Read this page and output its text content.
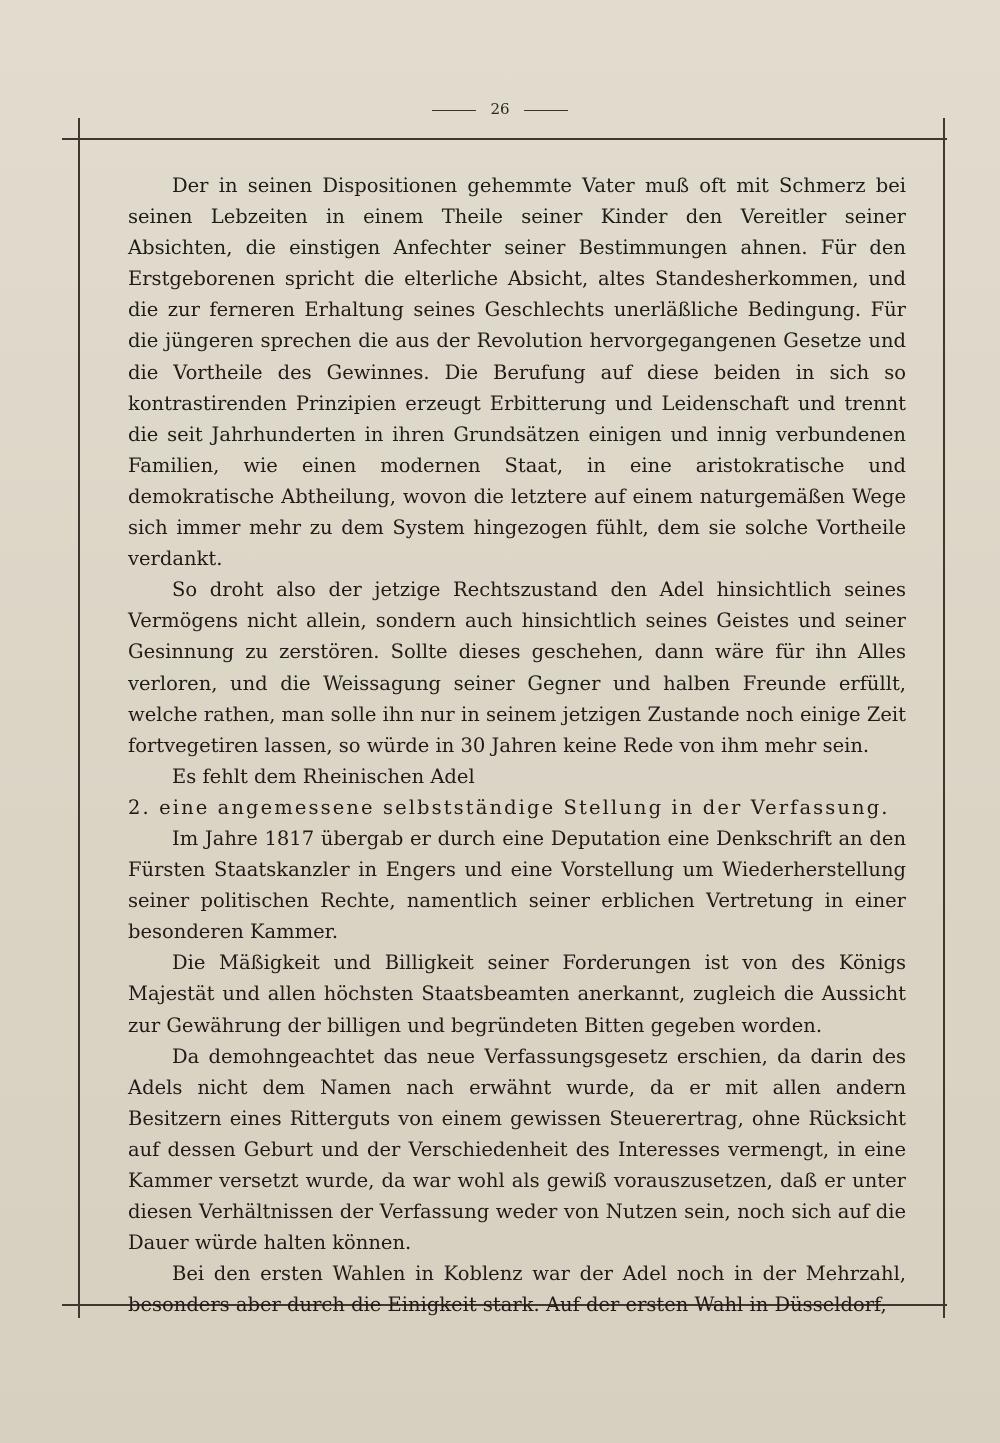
26

Der in seinen Dispositionen gehemmte Vater muß oft mit Schmerz bei seinen Lebzeiten in einem Theile seiner Kinder den Vereitler seiner Absichten, die einstigen Anfechter seiner Bestimmungen ahnen. Für den Erstgeborenen spricht die elterliche Absicht, altes Standesherkommen, und die zur ferneren Erhaltung seines Geschlechts unerläßliche Bedingung. Für die jüngeren sprechen die aus der Revolution hervorgegangenen Gesetze und die Vortheile des Gewinnes. Die Berufung auf diese beiden in sich so kontrastirenden Prinzipien erzeugt Erbitterung und Leidenschaft und trennt die seit Jahrhunderten in ihren Grundsätzen einigen und innig verbundenen Familien, wie einen modernen Staat, in eine aristokratische und demokratische Abtheilung, wovon die letztere auf einem naturgemäßen Wege sich immer mehr zu dem System hingezogen fühlt, dem sie solche Vortheile verdankt.

So droht also der jetzige Rechtszustand den Adel hinsichtlich seines Vermögens nicht allein, sondern auch hinsichtlich seines Geistes und seiner Gesinnung zu zerstören. Sollte dieses geschehen, dann wäre für ihn Alles verloren, und die Weissagung seiner Gegner und halben Freunde erfüllt, welche rathen, man solle ihn nur in seinem jetzigen Zustande noch einige Zeit fortvegetiren lassen, so würde in 30 Jahren keine Rede von ihm mehr sein.

Es fehlt dem Rheinischen Adel

2. eine angemessene selbstständige Stellung in der Verfassung.

Im Jahre 1817 übergab er durch eine Deputation eine Denkschrift an den Fürsten Staatskanzler in Engers und eine Vorstellung um Wiederherstellung seiner politischen Rechte, namentlich seiner erblichen Vertretung in einer besonderen Kammer.

Die Mäßigkeit und Billigkeit seiner Forderungen ist von des Königs Majestät und allen höchsten Staatsbeamten anerkannt, zugleich die Aussicht zur Gewährung der billigen und begründeten Bitten gegeben worden.

Da demohngeachtet das neue Verfassungsgesetz erschien, da darin des Adels nicht dem Namen nach erwähnt wurde, da er mit allen andern Besitzern eines Ritterguts von einem gewissen Steuerertrag, ohne Rücksicht auf dessen Geburt und der Verschiedenheit des Interesses vermengt, in eine Kammer versetzt wurde, da war wohl als gewiß vorauszusetzen, daß er unter diesen Verhältnissen der Verfassung weder von Nutzen sein, noch sich auf die Dauer würde halten können.

Bei den ersten Wahlen in Koblenz war der Adel noch in der Mehrzahl, besonders aber durch die Einigkeit stark. Auf der ersten Wahl in Düsseldorf,
